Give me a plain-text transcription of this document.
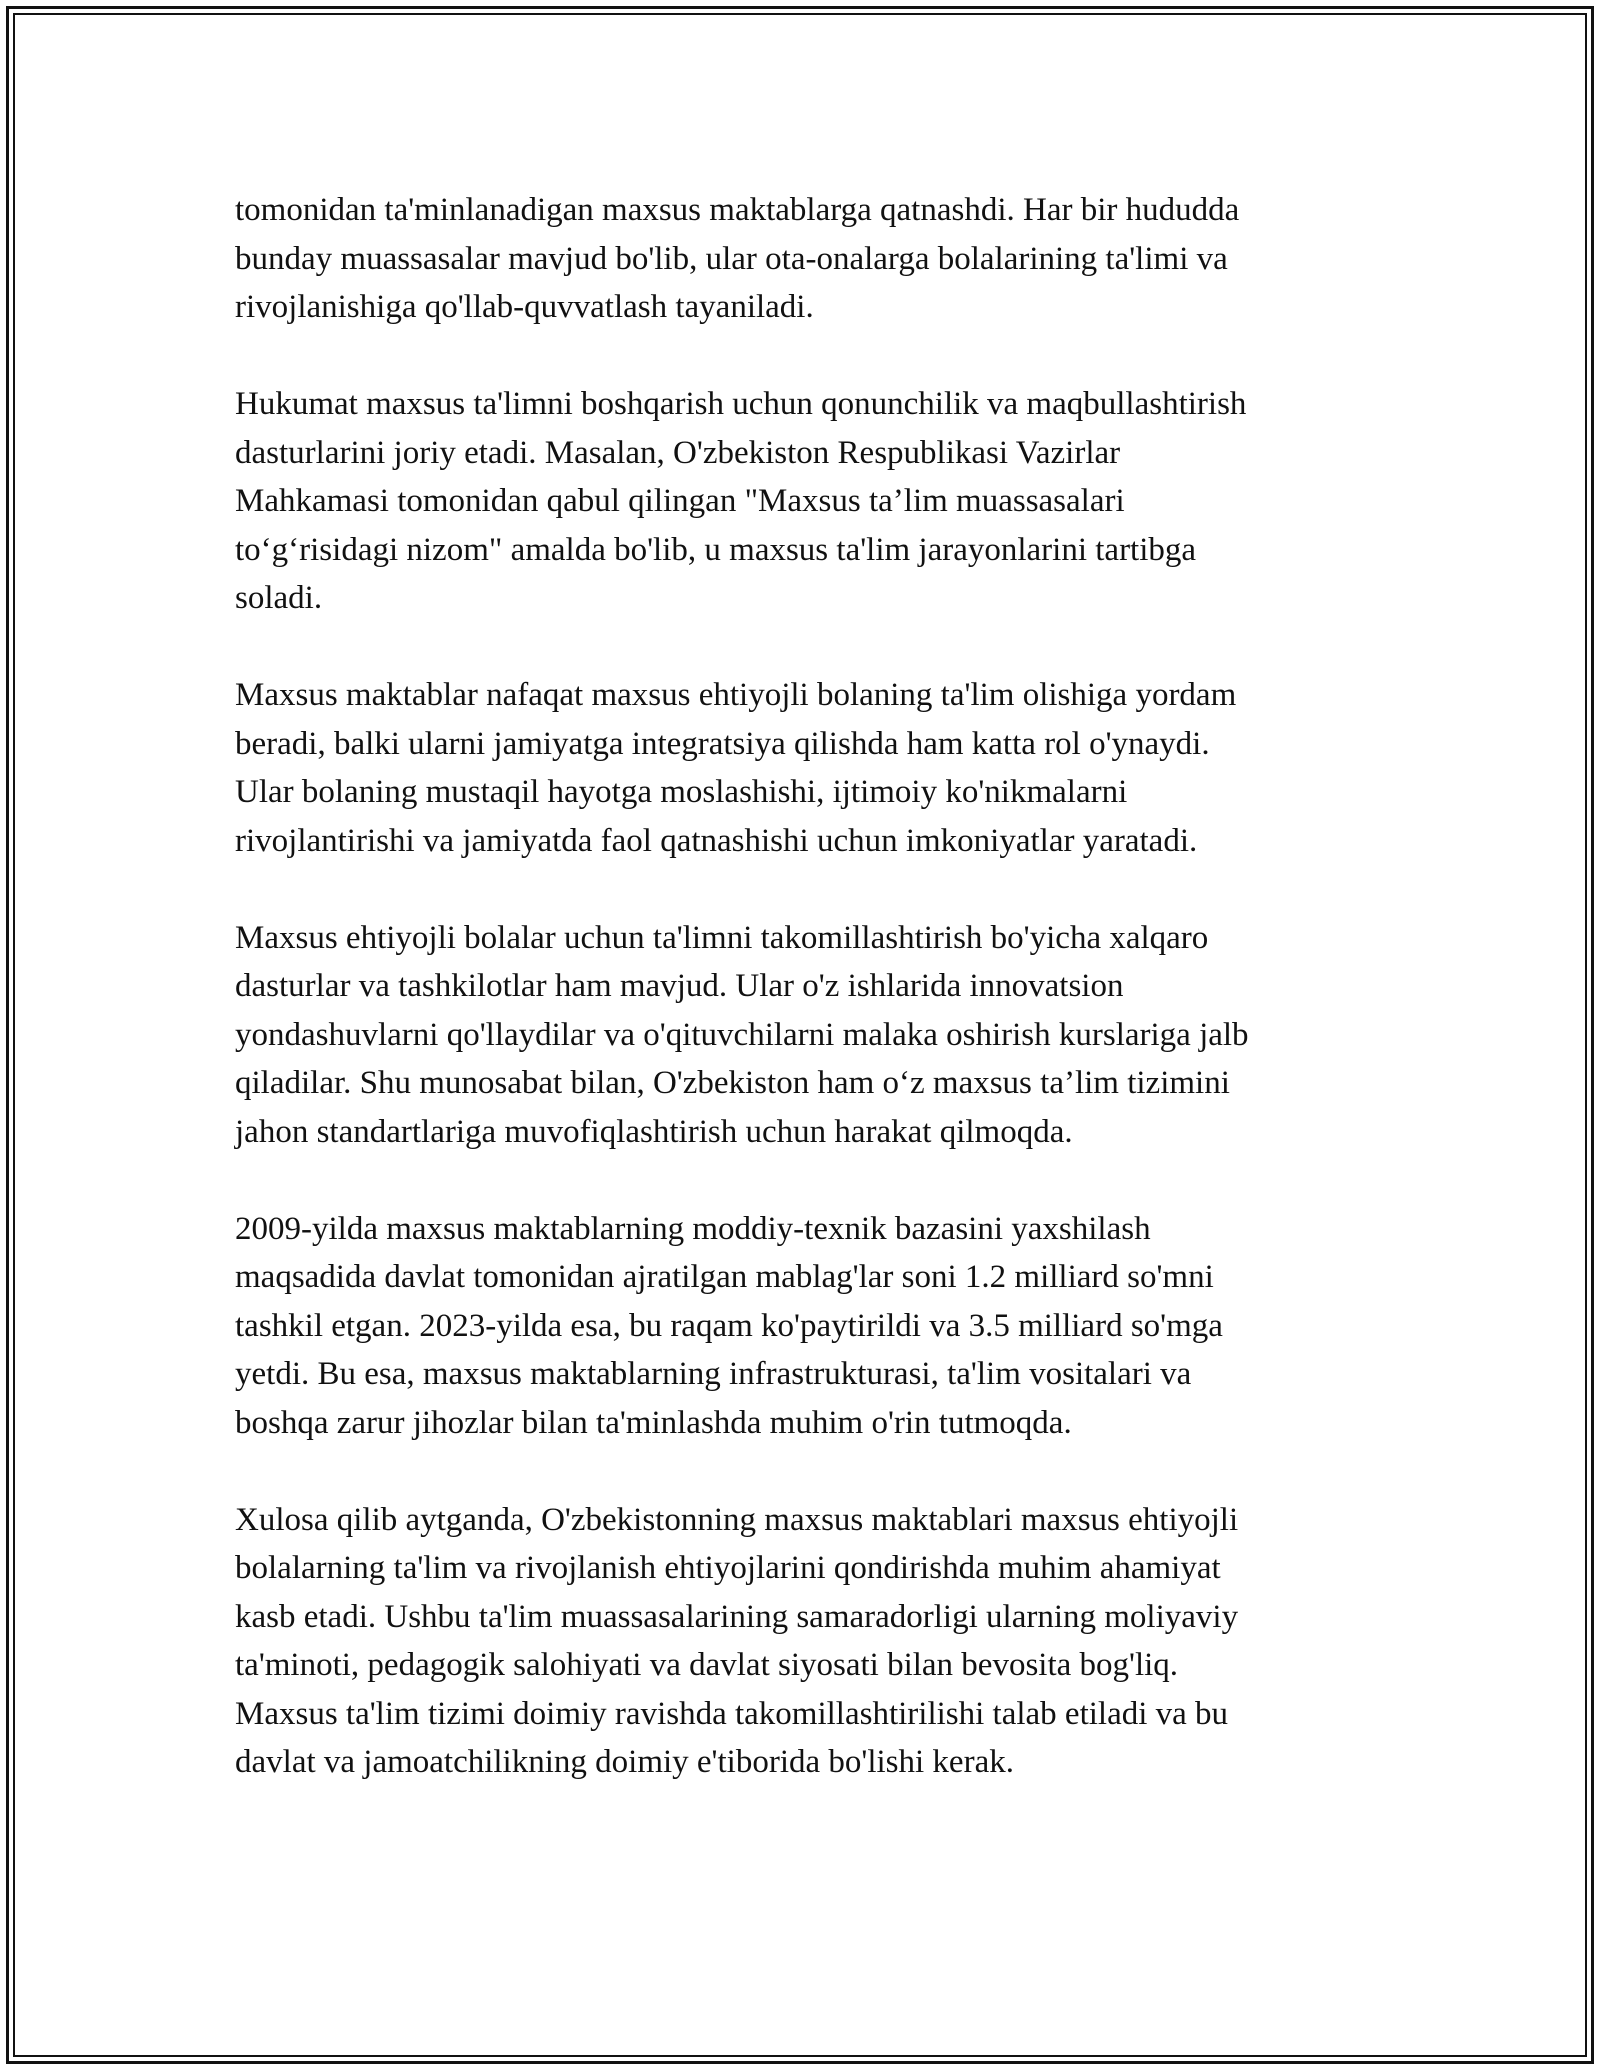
tomonidan ta'minlanadigan maxsus maktablarga qatnashdi. Har bir hududda
bunday muassasalar mavjud bo'lib, ular ota-onalarga bolalarining ta'limi va
rivojlanishiga qo'llab-quvvatlash tayaniladi.

Hukumat maxsus ta'limni boshqarish uchun qonunchilik va maqbullashtirish
dasturlarini joriy etadi. Masalan, O'zbekiston Respublikasi Vazirlar
Mahkamasi tomonidan qabul qilingan "Maxsus ta’lim muassasalari
to‘g‘risidagi nizom" amalda bo'lib, u maxsus ta'lim jarayonlarini tartibga
soladi.

Maxsus maktablar nafaqat maxsus ehtiyojli bolaning ta'lim olishiga yordam
beradi, balki ularni jamiyatga integratsiya qilishda ham katta rol o'ynaydi.
Ular bolaning mustaqil hayotga moslashishi, ijtimoiy ko'nikmalarni
rivojlantirishi va jamiyatda faol qatnashishi uchun imkoniyatlar yaratadi.

Maxsus ehtiyojli bolalar uchun ta'limni takomillashtirish bo'yicha xalqaro
dasturlar va tashkilotlar ham mavjud. Ular o'z ishlarida innovatsion
yondashuvlarni qo'llaydilar va o'qituvchilarni malaka oshirish kurslariga jalb
qiladilar. Shu munosabat bilan, O'zbekiston ham o‘z maxsus ta’lim tizimini
jahon standartlariga muvofiqlashtirish uchun harakat qilmoqda.

2009-yilda maxsus maktablarning moddiy-texnik bazasini yaxshilash
maqsadida davlat tomonidan ajratilgan mablag'lar soni 1.2 milliard so'mni
tashkil etgan. 2023-yilda esa, bu raqam ko'paytirildi va 3.5 milliard so'mga
yetdi. Bu esa, maxsus maktablarning infrastrukturasi, ta'lim vositalari va
boshqa zarur jihozlar bilan ta'minlashda muhim o'rin tutmoqda.

Xulosa qilib aytganda, O'zbekistonning maxsus maktablari maxsus ehtiyojli
bolalarning ta'lim va rivojlanish ehtiyojlarini qondirishda muhim ahamiyat
kasb etadi. Ushbu ta'lim muassasalarining samaradorligi ularning moliyaviy
ta'minoti, pedagogik salohiyati va davlat siyosati bilan bevosita bog'liq.
Maxsus ta'lim tizimi doimiy ravishda takomillashtirilishi talab etiladi va bu
davlat va jamoatchilikning doimiy e'tiborida bo'lishi kerak.
